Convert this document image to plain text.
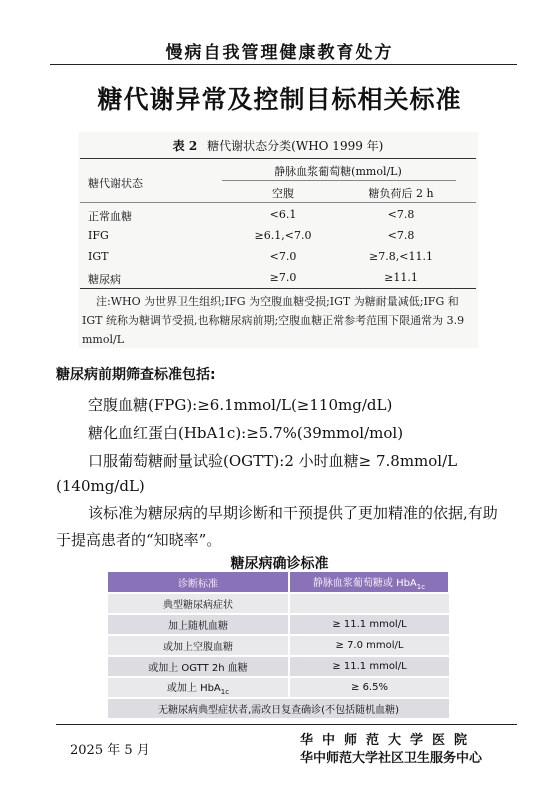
慢病自我管理健康教育处方
糖代谢异常及控制目标相关标准
表 2 糖代谢状态分类(WHO 1999 年)
糖代谢状态
静脉血浆葡萄糖(mmol/L)
空腹	糖负荷后 2 h
正常血糖	<6.1	<7.8
IFG	≥6.1,<7.0	<7.8
IGT	<7.0	≥7.8,<11.1
糖尿病	≥7.0	≥11.1
注:WHO 为世界卫生组织;IFG 为空腹血糖受损;IGT 为糖耐量减低;IFG 和 IGT 统称为糖调节受损,也称糖尿病前期;空腹血糖正常参考范围下限通常为 3.9 mmol/L
糖尿病前期筛查标准包括:
空腹血糖(FPG):≥6.1mmol/L(≥110mg/dL)
糖化血红蛋白(HbA1c):≥5.7%(39mmol/mol)
口服葡萄糖耐量试验(OGTT):2 小时血糖≥ 7.8mmol/L
(140mg/dL)
该标准为糖尿病的早期诊断和干预提供了更加精准的依据,有助于提高患者的“知晓率”。
糖尿病确诊标准
诊断标准	静脉血浆葡萄糖或 HbA$_{1c}$
典型糖尿病症状	
加上随机血糖	≥ 11.1 mmol/L
或加上空腹血糖	≥ 7.0 mmol/L
或加上 OGTT 2h 血糖	≥ 11.1 mmol/L
或加上 HbA$_{1c}$	≥ 6.5%
无糖尿病典型症状者,需改日复查确诊(不包括随机血糖)	
2025 年 5 月
华中师范大学医院
华中师范大学社区卫生服务中心
